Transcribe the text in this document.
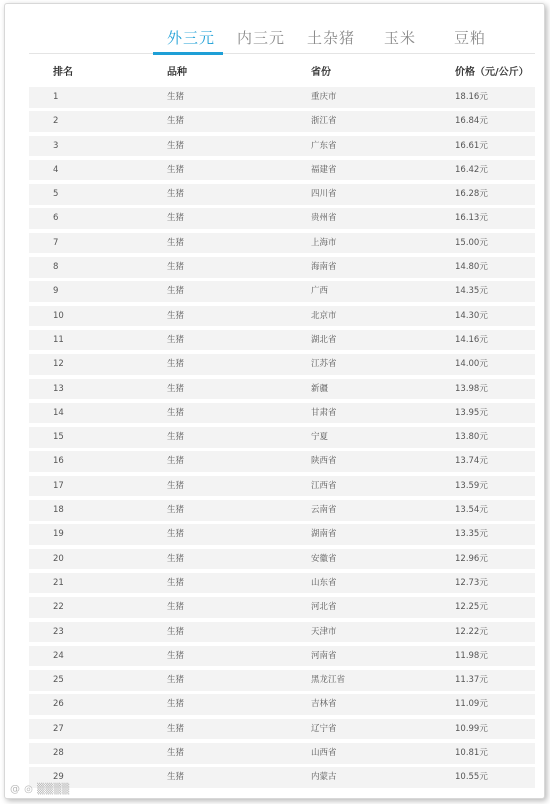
外三元 内三元 土杂猪 玉米	豆粕
排名	品种	省份	价格（元/公斤）
1	生猪	重庆市	18.16元
2	生猪	浙江省	16.84元
3	生猪	广东省	16.61元
4	生猪	福建省	16.42元
5	生猪	四川省	16.28元
6	生猪	贵州省	16.13元
7	生猪	上海市	15.00元
8	生猪	海南省	14.80元
9	生猪	广西	14.35元
10	生猪	北京市	14.30元
11	生猪	湖北省	14.16元
12	生猪	江苏省	14.00元
13	生猪	新疆	13.98元
14	生猪	甘肃省	13.95元
15	生猪	宁夏	13.80元
16	生猪	陕西省	13.74元
17	生猪	江西省	13.59元
18	生猪	云南省	13.54元
19	生猪	湖南省	13.35元
20	生猪	安徽省	12.96元
21	生猪	山东省	12.73元
22	生猪	河北省	12.25元
23	生猪	天津市	12.22元
24	生猪	河南省	11.98元
25	生猪	黑龙江省	11.37元
26	生猪	吉林省	11.09元
27	生猪	辽宁省	10.99元
28	生猪	山西省	10.81元
29	生猪	内蒙古	10.55元
@ ◎ ▒▒▒▒
